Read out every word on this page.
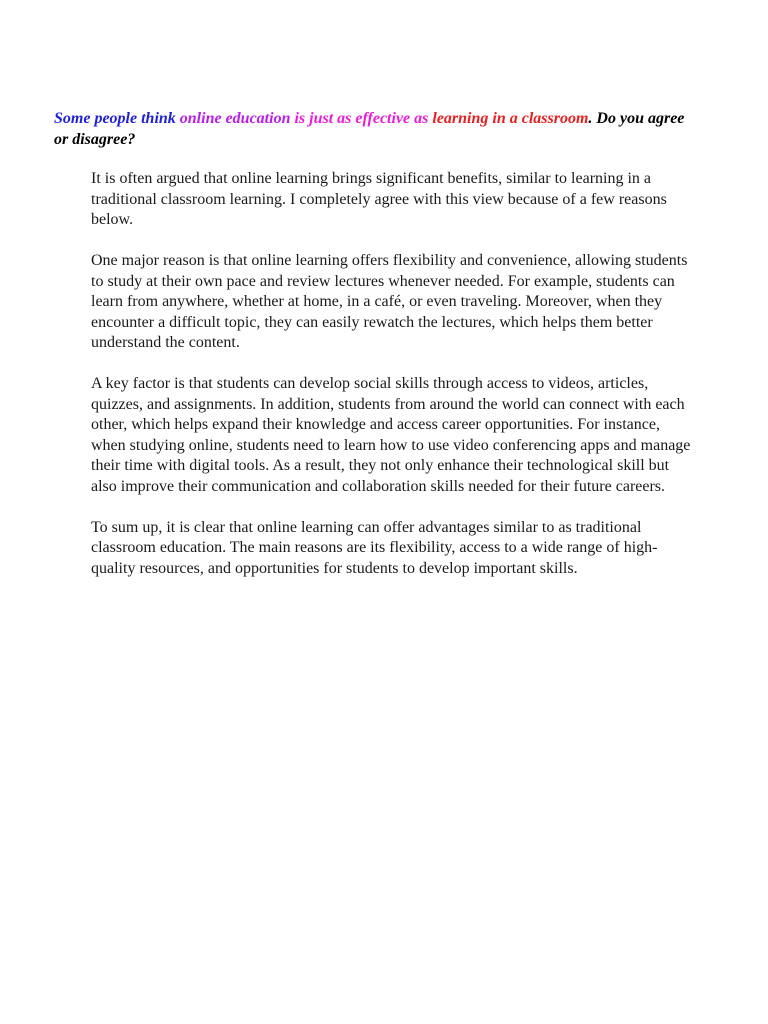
Some people think online education is just as effective as learning in a classroom. Do you agree or disagree?

It is often argued that online learning brings significant benefits, similar to learning in a traditional classroom learning. I completely agree with this view because of a few reasons below.

One major reason is that online learning offers flexibility and convenience, allowing students to study at their own pace and review lectures whenever needed. For example, students can learn from anywhere, whether at home, in a café, or even traveling. Moreover, when they encounter a difficult topic, they can easily rewatch the lectures, which helps them better understand the content.

A key factor is that students can develop social skills through access to videos, articles, quizzes, and assignments. In addition, students from around the world can connect with each other, which helps expand their knowledge and access career opportunities. For instance, when studying online, students need to learn how to use video conferencing apps and manage their time with digital tools. As a result, they not only enhance their technological skill but also improve their communication and collaboration skills needed for their future careers.

To sum up, it is clear that online learning can offer advantages similar to as traditional classroom education. The main reasons are its flexibility, access to a wide range of high-quality resources, and opportunities for students to develop important skills.
